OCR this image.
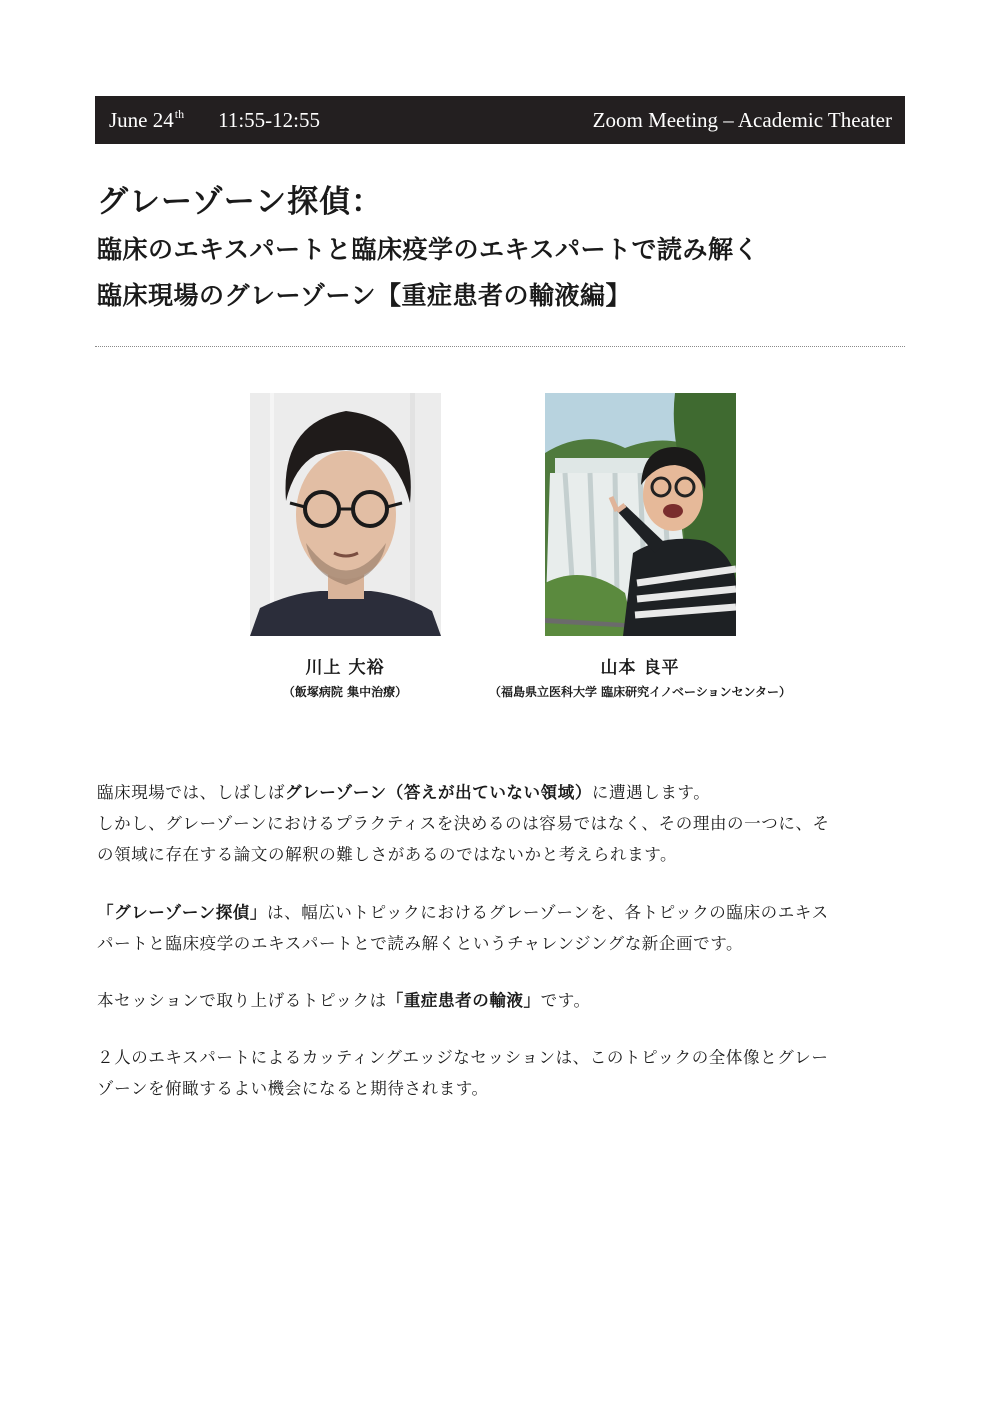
June 24th 11:55-12:55	Zoom Meeting – Academic Theater
グレーゾーン探偵：
臨床のエキスパートと臨床疫学のエキスパートで読み解く
臨床現場のグレーゾーン【重症患者の輸液編】
川上 大裕
（飯塚病院 集中治療）
山本 良平
（福島県立医科大学 臨床研究イノベーションセンター）
臨床現場では、しばしばグレーゾーン（答えが出ていない領域）に遭遇します。
しかし、グレーゾーンにおけるプラクティスを決めるのは容易ではなく、その理由の一つに、そ
の領域に存在する論文の解釈の難しさがあるのではないかと考えられます。
「グレーゾーン探偵」は、幅広いトピックにおけるグレーゾーンを、各トピックの臨床のエキス
パートと臨床疫学のエキスパートとで読み解くというチャレンジングな新企画です。
本セッションで取り上げるトピックは「重症患者の輸液」です。
２人のエキスパートによるカッティングエッジなセッションは、このトピックの全体像とグレー
ゾーンを俯瞰するよい機会になると期待されます。
